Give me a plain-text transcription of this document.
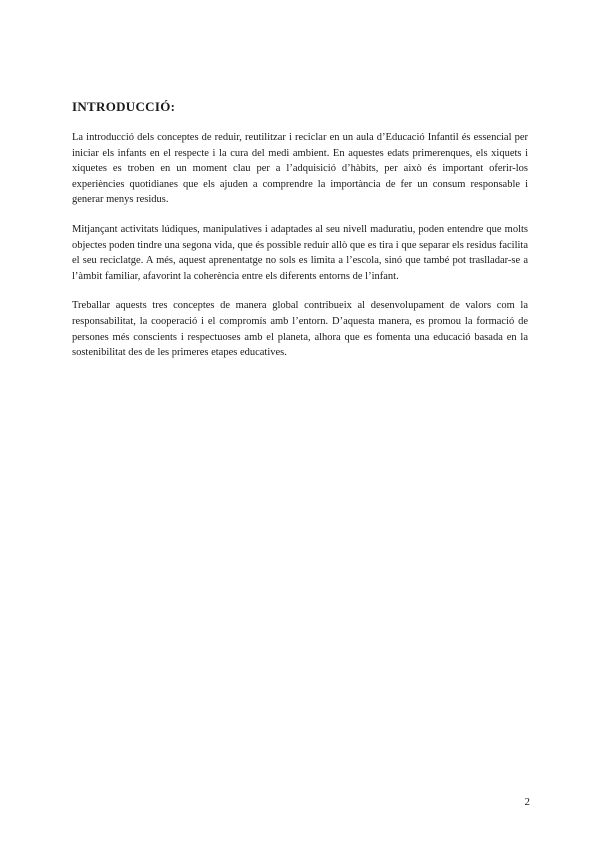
INTRODUCCIÓ:

La introducció dels conceptes de reduir, reutilitzar i reciclar en un aula d’Educació Infantil és essencial per iniciar els infants en el respecte i la cura del medi ambient. En aquestes edats primerenques, els xiquets i xiquetes es troben en un moment clau per a l’adquisició d’hàbits, per això és important oferir-los experiències quotidianes que els ajuden a comprendre la importància de fer un consum responsable i generar menys residus.

Mitjançant activitats lúdiques, manipulatives i adaptades al seu nivell maduratiu, poden entendre que molts objectes poden tindre una segona vida, que és possible reduir allò que es tira i que separar els residus facilita el seu reciclatge. A més, aquest aprenentatge no sols es limita a l’escola, sinó que també pot traslladar-se a l’àmbit familiar, afavorint la coherència entre els diferents entorns de l’infant.

Treballar aquests tres conceptes de manera global contribueix al desenvolupament de valors com la responsabilitat, la cooperació i el compromís amb l’entorn. D’aquesta manera, es promou la formació de persones més conscients i respectuoses amb el planeta, alhora que es fomenta una educació basada en la sostenibilitat des de les primeres etapes educatives.

2
